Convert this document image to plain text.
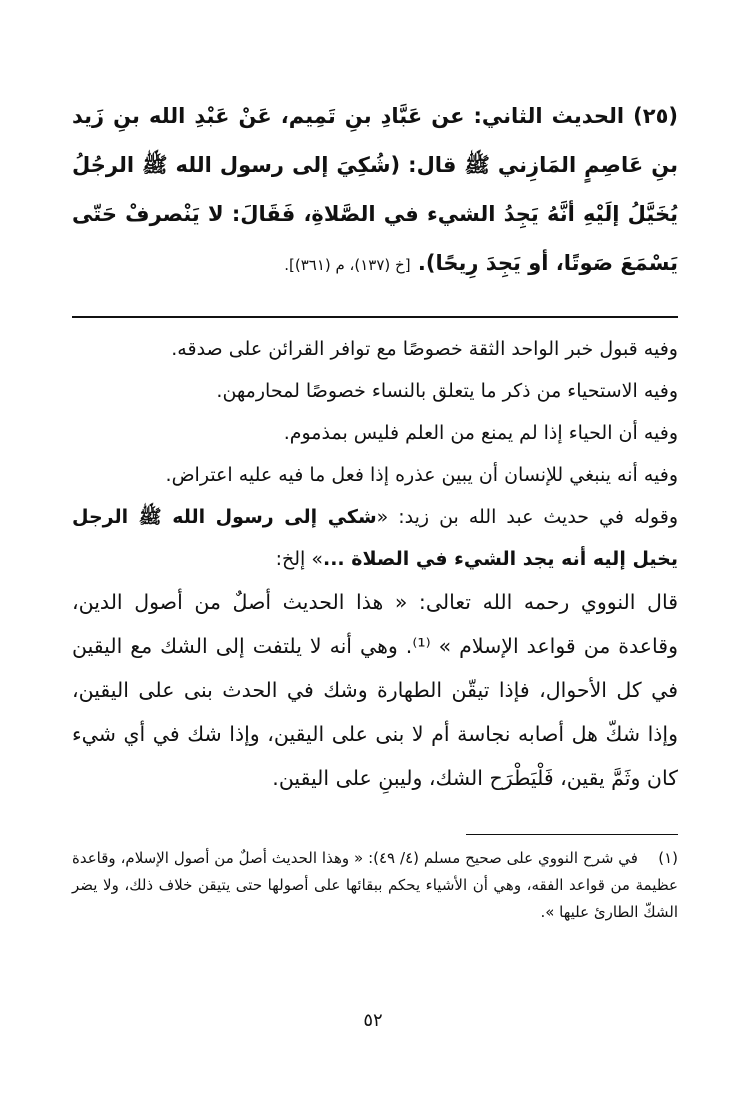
(٢٥) الحديث الثاني: عن عَبَّادِ بنِ تَمِيم، عَنْ عَبْدِ الله بنِ زَيد بنِ عَاصِمٍ المَازِني ﷺ قال: (شُكِيَ إلى رسول الله ﷺ الرجُلُ يُخَيَّلُ إلَيْهِ أنَّهُ يَجِدُ الشيء في الصَّلاةِ، فَقَالَ: لا يَنْصرفْ حَتّى يَسْمَعَ صَوتًا، أو يَجِدَ رِيحًا). [خ (١٣٧)، م (٣٦١)].

وفيه قبول خبر الواحد الثقة خصوصًا مع توافر القرائن على صدقه.

وفيه الاستحياء من ذكر ما يتعلق بالنساء خصوصًا لمحارمهن.

وفيه أن الحياء إذا لم يمنع من العلم فليس بمذموم.

وفيه أنه ينبغي للإنسان أن يبين عذره إذا فعل ما فيه عليه اعتراض.

وقوله في حديث عبد الله بن زيد: «شكي إلى رسول الله ﷺ الرجل يخيل إليه أنه يجد الشيء في الصلاة ...» إلخ:

قال النووي رحمه الله تعالى: « هذا الحديث أصلٌ من أصول الدين، وقاعدة من قواعد الإسلام » ⁽¹⁾. وهي أنه لا يلتفت إلى الشك مع اليقين في كل الأحوال، فإذا تيقّن الطهارة وشك في الحدث بنى على اليقين، وإذا شكّ هل أصابه نجاسة أم لا بنى على اليقين، وإذا شك في أي شيء كان وثَمَّ يقين، فَلْيَطْرَح الشك، وليبنِ على اليقين.

(١)في شرح النووي على صحيح مسلم (٤/ ٤٩): « وهذا الحديث أصلٌ من أصول الإسلام، وقاعدة عظيمة من قواعد الفقه، وهي أن الأشياء يحكم ببقائها على أصولها حتى يتيقن خلاف ذلك، ولا يضر الشكّ الطارئ عليها ».

٥٢
